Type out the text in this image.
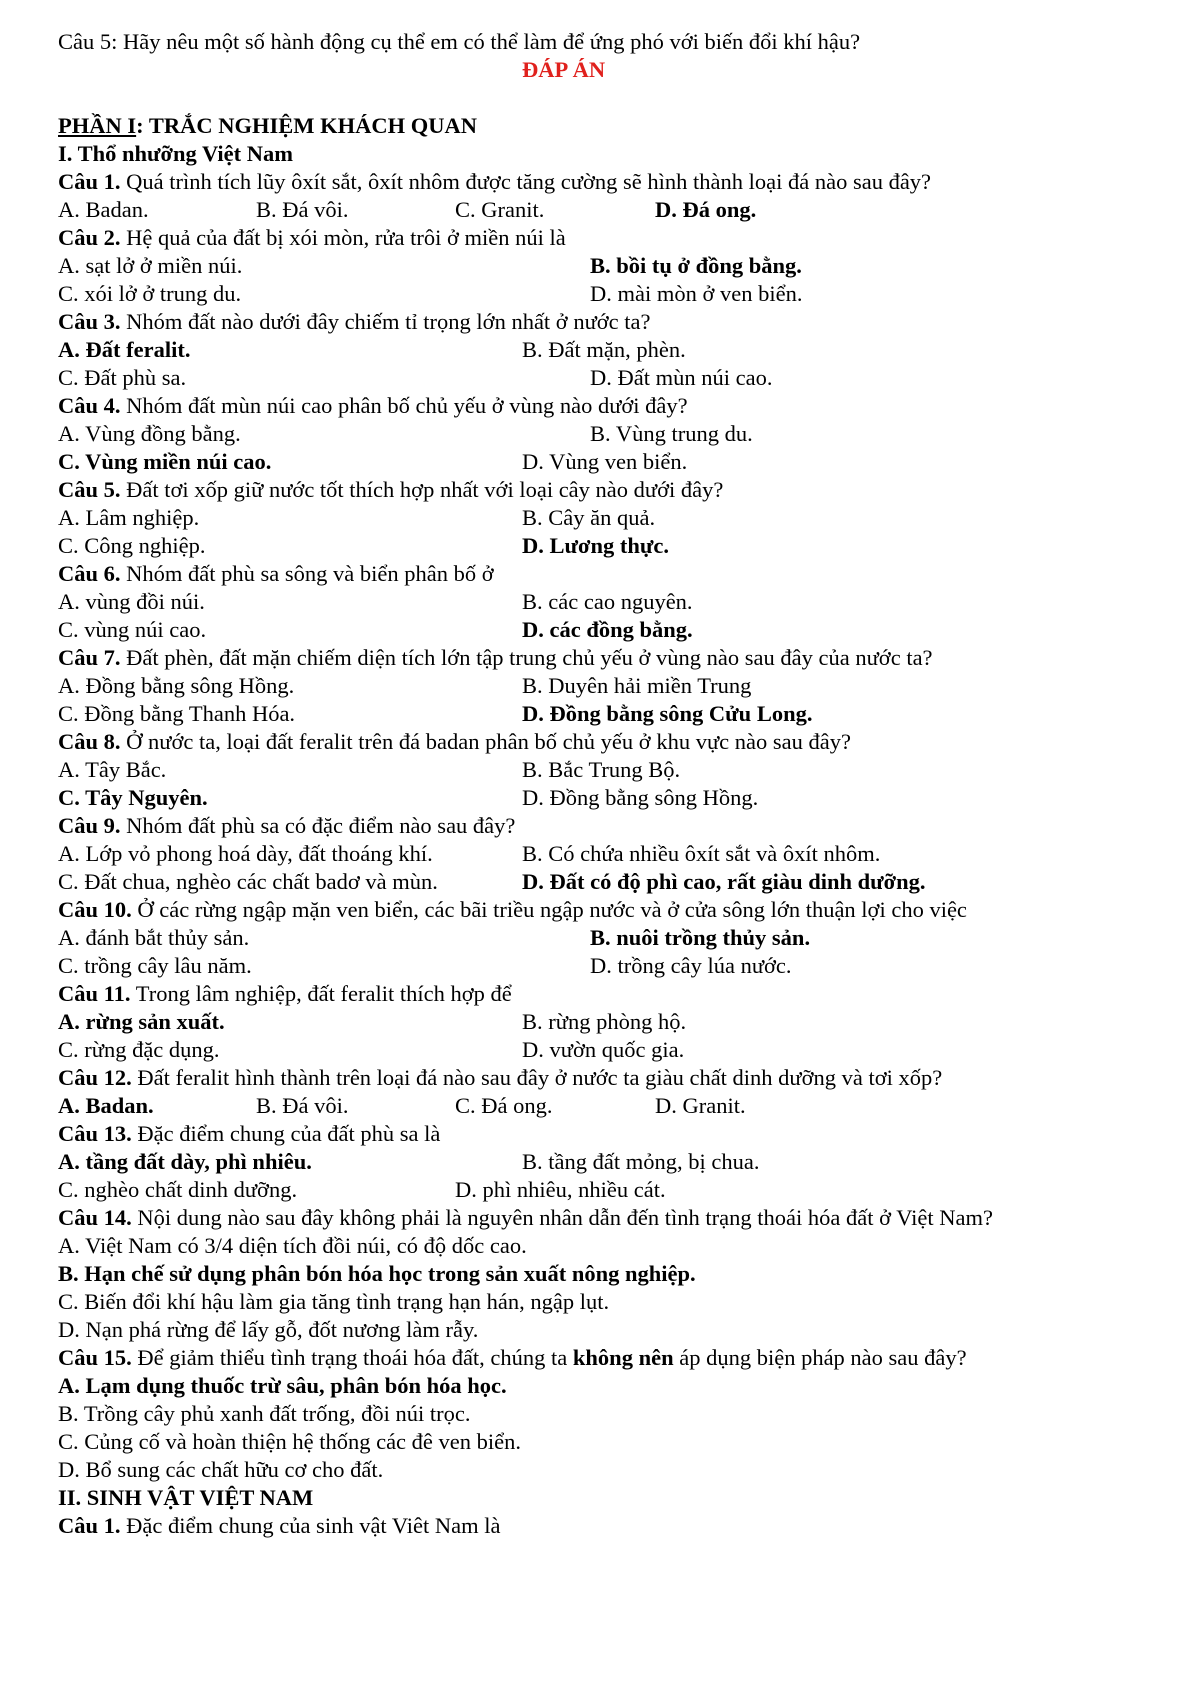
Câu 5: Hãy nêu một số hành động cụ thể em có thể làm để ứng phó với biến đổi khí hậu?
ĐÁP ÁN
PHẦN I: TRẮC NGHIỆM KHÁCH QUAN
I. Thổ nhưỡng Việt Nam
Câu 1. Quá trình tích lũy ôxít sắt, ôxít nhôm được tăng cường sẽ hình thành loại đá nào sau đây?
A. Badan.	B. Đá vôi.	C. Granit.	D. Đá ong.
Câu 2. Hệ quả của đất bị xói mòn, rửa trôi ở miền núi là
A. sạt lở ở miền núi.	B. bồi tụ ở đồng bằng.
C. xói lở ở trung du.	D. mài mòn ở ven biển.
Câu 3. Nhóm đất nào dưới đây chiếm tỉ trọng lớn nhất ở nước ta?
A. Đất feralit.	B. Đất mặn, phèn.
C. Đất phù sa.	D. Đất mùn núi cao.
Câu 4. Nhóm đất mùn núi cao phân bố chủ yếu ở vùng nào dưới đây?
A. Vùng đồng bằng.	B. Vùng trung du.
C. Vùng miền núi cao.	D. Vùng ven biển.
Câu 5. Đất tơi xốp giữ nước tốt thích hợp nhất với loại cây nào dưới đây?
A. Lâm nghiệp.	B. Cây ăn quả.
C. Công nghiệp.	D. Lương thực.
Câu 6. Nhóm đất phù sa sông và biển phân bố ở
A. vùng đồi núi.	B. các cao nguyên.
C. vùng núi cao.	D. các đồng bằng.
Câu 7. Đất phèn, đất mặn chiếm diện tích lớn tập trung chủ yếu ở vùng nào sau đây của nước ta?
A. Đồng bằng sông Hồng.	B. Duyên hải miền Trung
C. Đồng bằng Thanh Hóa.	D. Đồng bằng sông Cửu Long.
Câu 8. Ở nước ta, loại đất feralit trên đá badan phân bố chủ yếu ở khu vực nào sau đây?
A. Tây Bắc.	B. Bắc Trung Bộ.
C. Tây Nguyên.	D. Đồng bằng sông Hồng.
Câu 9. Nhóm đất phù sa có đặc điểm nào sau đây?
A. Lớp vỏ phong hoá dày, đất thoáng khí.	B. Có chứa nhiều ôxít sắt và ôxít nhôm.
C. Đất chua, nghèo các chất badơ và mùn.	D. Đất có độ phì cao, rất giàu dinh dưỡng.
Câu 10. Ở các rừng ngập mặn ven biển, các bãi triều ngập nước và ở cửa sông lớn thuận lợi cho việc
A. đánh bắt thủy sản.	B. nuôi trồng thủy sản.
C. trồng cây lâu năm.	D. trồng cây lúa nước.
Câu 11. Trong lâm nghiệp, đất feralit thích hợp để
A. rừng sản xuất.	B. rừng phòng hộ.
C. rừng đặc dụng.	D. vườn quốc gia.
Câu 12. Đất feralit hình thành trên loại đá nào sau đây ở nước ta giàu chất dinh dưỡng và tơi xốp?
A. Badan.	B. Đá vôi.	C. Đá ong.	D. Granit.
Câu 13. Đặc điểm chung của đất phù sa là
A. tầng đất dày, phì nhiêu.	B. tầng đất mỏng, bị chua.
C. nghèo chất dinh dưỡng.	D. phì nhiêu, nhiều cát.
Câu 14. Nội dung nào sau đây không phải là nguyên nhân dẫn đến tình trạng thoái hóa đất ở Việt Nam?
A. Việt Nam có 3/4 diện tích đồi núi, có độ dốc cao.
B. Hạn chế sử dụng phân bón hóa học trong sản xuất nông nghiệp.
C. Biến đổi khí hậu làm gia tăng tình trạng hạn hán, ngập lụt.
D. Nạn phá rừng để lấy gỗ, đốt nương làm rẫy.
Câu 15. Để giảm thiểu tình trạng thoái hóa đất, chúng ta không nên áp dụng biện pháp nào sau đây?
A. Lạm dụng thuốc trừ sâu, phân bón hóa học.
B. Trồng cây phủ xanh đất trống, đồi núi trọc.
C. Củng cố và hoàn thiện hệ thống các đê ven biển.
D. Bổ sung các chất hữu cơ cho đất.
II. SINH VẬT VIỆT NAM
Câu 1. Đặc điểm chung của sinh vật Viêt Nam là
